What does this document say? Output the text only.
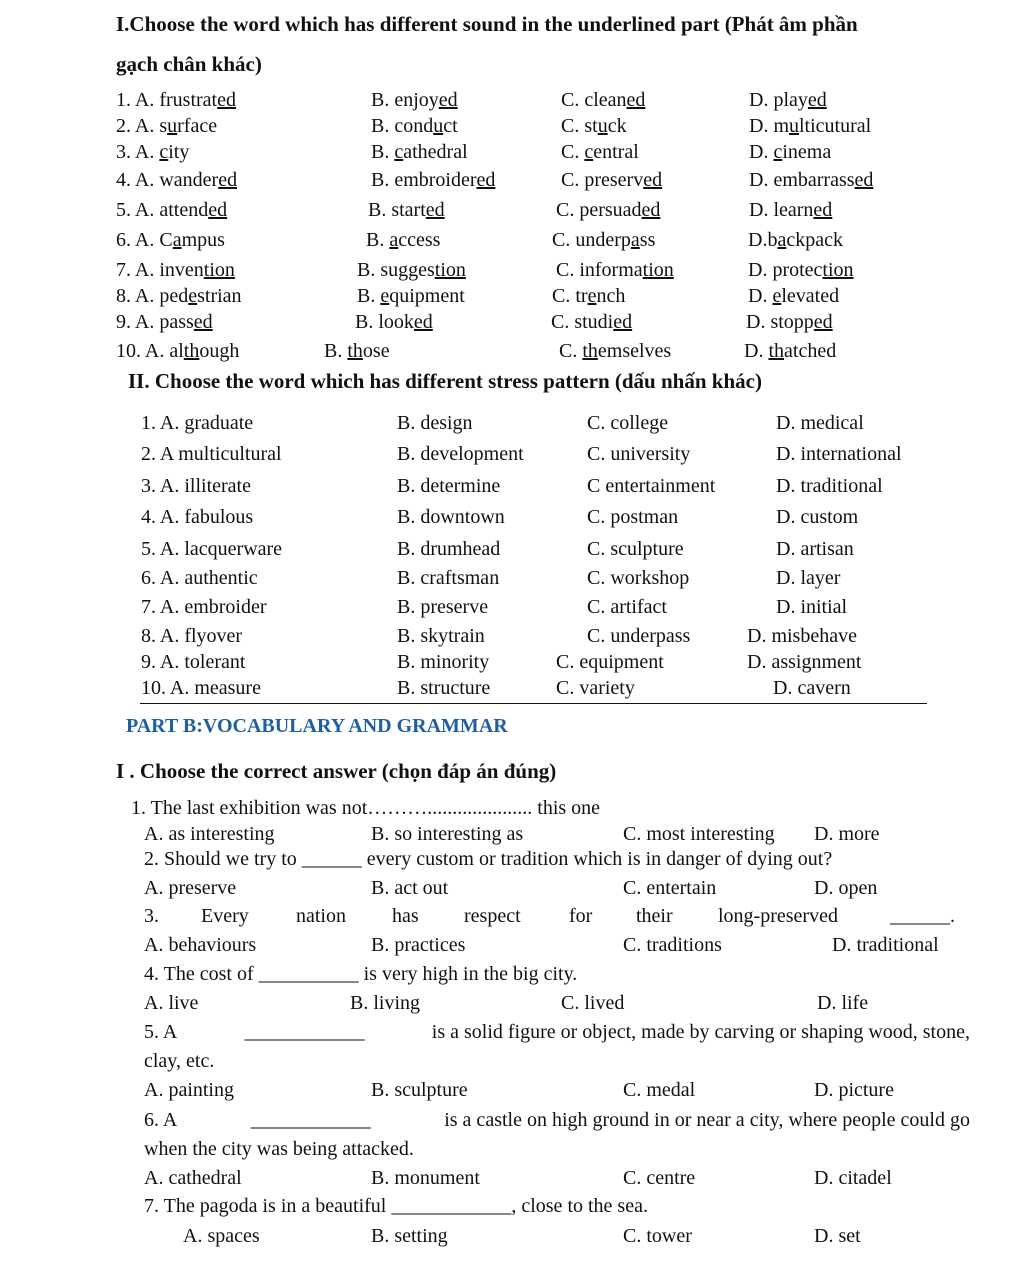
I.Choose the word which has different sound in the underlined part (Phát âm phần
gạch chân khác)
1. A. frustrated	B. enjoyed	C. cleaned	D. played
2. A. surface	B. conduct	C. stuck	D. multicutural
3. A. city	B. cathedral	C. central	D. cinema
4. A. wandered	B. embroidered	C. preserved	D. embarrassed
5. A. attended	B. started	C. persuaded	D. learned
6. A. Campus	B. access	C. underpass	D.backpack
7. A. invention	B. suggestion	C. information	D. protection
8. A. pedestrian	B. equipment	C. trench	D. elevated
9. A. passed	B. looked	C. studied	D. stopped
10. A. although	B. those	C. themselves	D. thatched
II. Choose the word which has different stress pattern (dấu nhấn khác)
1. A. graduate	B. design	C. college	D. medical
2. A multicultural	B. development	C. university	D. international
3. A. illiterate	B. determine	C entertainment	D. traditional
4. A. fabulous	B. downtown	C. postman	D. custom
5. A. lacquerware	B. drumhead	C. sculpture	D. artisan
6. A. authentic	B. craftsman	C. workshop	D. layer
7. A. embroider	B. preserve	C. artifact	D. initial
8. A. flyover	B. skytrain	C. underpass	D. misbehave
9. A. tolerant	B. minority	C. equipment	D. assignment
10. A. measure	B. structure	C. variety	D. cavern
PART B:VOCABULARY AND GRAMMAR
I . Choose the correct answer (chọn đáp án đúng)
1. The last exhibition was not………..................... this one
A. as interesting	B. so interesting as	C. most interesting D. more
2. Should we try to ______ every custom or tradition which is in danger of dying out?
A. preserve	B. act out	C. entertain	D. open
3. Every nation has respect for their long-preserved	______.
A. behaviours	B. practices	C. traditions	D. traditional
4. The cost of __________ is very high in the big city.
A. live	B. living	C. lived	D. life
5. A	____________	is a solid figure or object, made by carving or shaping wood, stone,
clay, etc.
A. painting	B. sculpture	C. medal	D. picture
6. A	____________	is a castle on high ground in or near a city, where people could go
when the city was being attacked.
A. cathedral	B. monument	C. centre	D. citadel
7. The pagoda is in a beautiful ____________, close to the sea.
A. spaces	B. setting	C. tower	D. set
